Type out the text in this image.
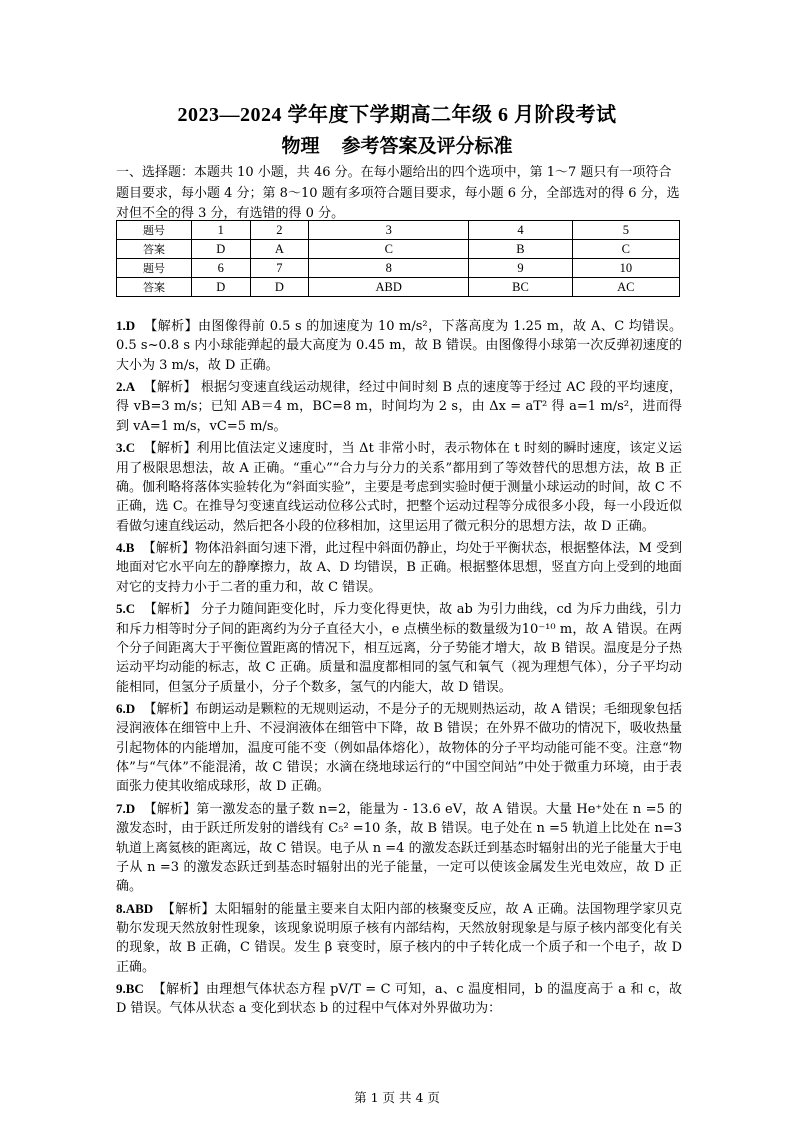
2023—2024 学年度下学期高二年级 6 月阶段考试
物理 参考答案及评分标准
一、选择题：本题共 10 小题，共 46 分。在每小题给出的四个选项中，第 1～7 题只有一项符合题目要求，每小题 4 分；第 8～10 题有多项符合题目要求，每小题 6 分，全部选对的得 6 分，选对但不全的得 3 分，有选错的得 0 分。
题号	1	2	3	4	5
答案	D	A	C	B	C
题号	6	7	8	9	10
答案	D	D	ABD	BC	AC
1.D 【解析】由图像得前 0.5 s 的加速度为 10 m/s²，下落高度为 1.25 m，故 A、C 均错误。0.5 s~0.8 s 内小球能弹起的最大高度为 0.45 m，故 B 错误。由图像得小球第一次反弹初速度的大小为 3 m/s，故 D 正确。
2.A 【解析】 根据匀变速直线运动规律，经过中间时刻 B 点的速度等于经过 AC 段的平均速度，得 vB=3 m/s；已知 AB＝4 m，BC=8 m，时间均为 2 s，由 Δx = aT² 得 a=1 m/s²，进而得到 vA=1 m/s，vC=5 m/s。
3.C 【解析】利用比值法定义速度时，当 Δt 非常小时，表示物体在 t 时刻的瞬时速度，该定义运用了极限思想法，故 A 正确。“重心”“合力与分力的关系”都用到了等效替代的思想方法，故 B 正确。伽利略将落体实验转化为“斜面实验”，主要是考虑到实验时便于测量小球运动的时间，故 C 不正确，选 C。在推导匀变速直线运动位移公式时，把整个运动过程等分成很多小段，每一小段近似看做匀速直线运动，然后把各小段的位移相加，这里运用了微元积分的思想方法，故 D 正确。
4.B 【解析】物体沿斜面匀速下滑，此过程中斜面仍静止，均处于平衡状态，根据整体法，M 受到地面对它水平向左的静摩擦力，故 A、D 均错误，B 正确。根据整体思想，竖直方向上受到的地面对它的支持力小于二者的重力和，故 C 错误。
5.C 【解析】 分子力随间距变化时，斥力变化得更快，故 ab 为引力曲线，cd 为斥力曲线，引力和斥力相等时分子间的距离约为分子直径大小，e 点横坐标的数量级为10⁻¹⁰ m，故 A 错误。在两个分子间距离大于平衡位置距离的情况下，相互远离，分子势能才增大，故 B 错误。温度是分子热运动平均动能的标志，故 C 正确。质量和温度都相同的氢气和氧气（视为理想气体），分子平均动能相同，但氢分子质量小，分子个数多，氢气的内能大，故 D 错误。
6.D 【解析】布朗运动是颗粒的无规则运动，不是分子的无规则热运动，故 A 错误；毛细现象包括浸润液体在细管中上升、不浸润液体在细管中下降，故 B 错误；在外界不做功的情况下，吸收热量引起物体的内能增加，温度可能不变（例如晶体熔化），故物体的分子平均动能可能不变。注意“物体”与“气体”不能混淆，故 C 错误；水滴在绕地球运行的“中国空间站”中处于微重力环境，由于表面张力使其收缩成球形，故 D 正确。
7.D 【解析】第一激发态的量子数 n=2，能量为 - 13.6 eV，故 A 错误。大量 He⁺处在 n =5 的激发态时，由于跃迁所发射的谱线有 C₅² =10 条，故 B 错误。电子处在 n =5 轨道上比处在 n=3 轨道上离氦核的距离远，故 C 错误。电子从 n =4 的激发态跃迁到基态时辐射出的光子能量大于电子从 n =3 的激发态跃迁到基态时辐射出的光子能量，一定可以使该金属发生光电效应，故 D 正确。
8.ABD 【解析】太阳辐射的能量主要来自太阳内部的核聚变反应，故 A 正确。法国物理学家贝克勒尔发现天然放射性现象，该现象说明原子核有内部结构，天然放射现象是与原子核内部变化有关的现象，故 B 正确，C 错误。发生 β 衰变时，原子核内的中子转化成一个质子和一个电子，故 D 正确。
9.BC 【解析】由理想气体状态方程 pV/T = C 可知，a、c 温度相同，b 的温度高于 a 和 c，故 D 错误。气体从状态 a 变化到状态 b 的过程中气体对外界做功为：
第 1 页 共 4 页
